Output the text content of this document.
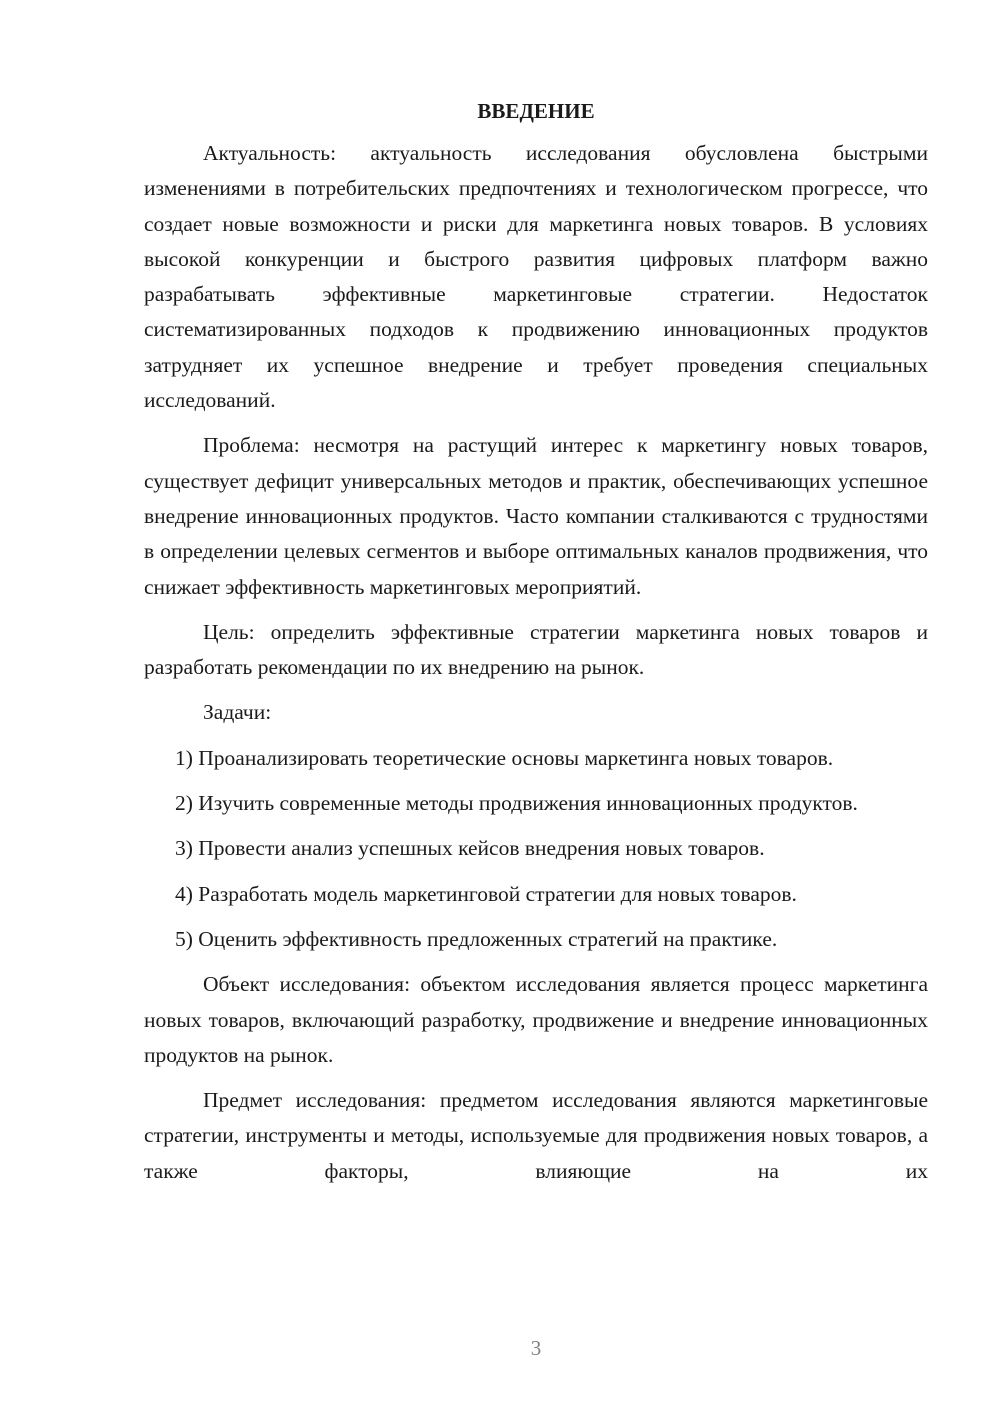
ВВЕДЕНИЕ

Актуальность: актуальность исследования обусловлена быстрыми изменениями в потребительских предпочтениях и технологическом прогрессе, что создает новые возможности и риски для маркетинга новых товаров. В условиях высокой конкуренции и быстрого развития цифровых платформ важно разрабатывать эффективные маркетинговые стратегии. Недостаток систематизированных подходов к продвижению инновационных продуктов затрудняет их успешное внедрение и требует проведения специальных исследований.

Проблема: несмотря на растущий интерес к маркетингу новых товаров, существует дефицит универсальных методов и практик, обеспечивающих успешное внедрение инновационных продуктов. Часто компании сталкиваются с трудностями в определении целевых сегментов и выборе оптимальных каналов продвижения, что снижает эффективность маркетинговых мероприятий.

Цель: определить эффективные стратегии маркетинга новых товаров и разработать рекомендации по их внедрению на рынок.

Задачи:

1) Проанализировать теоретические основы маркетинга новых товаров.
2) Изучить современные методы продвижения инновационных продуктов.
3) Провести анализ успешных кейсов внедрения новых товаров.
4) Разработать модель маркетинговой стратегии для новых товаров.
5) Оценить эффективность предложенных стратегий на практике.

Объект исследования: объектом исследования является процесс маркетинга новых товаров, включающий разработку, продвижение и внедрение инновационных продуктов на рынок.

Предмет исследования: предметом исследования являются маркетинговые стратегии, инструменты и методы, используемые для продвижения новых товаров, а также факторы, влияющие на их

3
